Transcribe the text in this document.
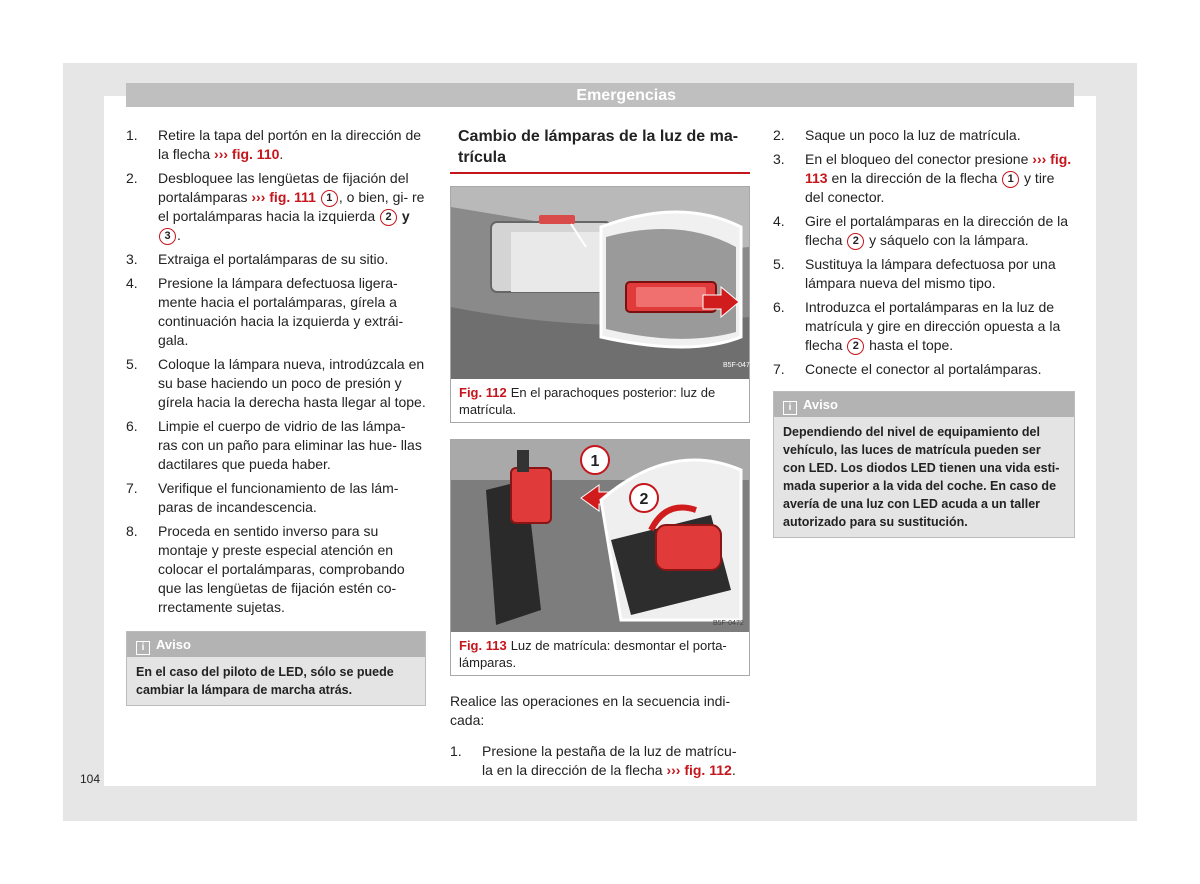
Emergencias
1. Retire la tapa del portón en la dirección de la flecha ››› fig. 110.
2. Desbloquee las lengüetas de fijación del portalámparas ››› fig. 111 1 , o bien, gi- re el portalámparas hacia la izquierda 2 y 3 .
3. Extraiga el portalámparas de su sitio.
4. Presione la lámpara defectuosa ligera- mente hacia el portalámparas, gírela a continuación hacia la izquierda y extrái- gala.
5. Coloque la lámpara nueva, introdúzcala en su base haciendo un poco de presión y gírela hacia la derecha hasta llegar al tope.
6. Limpie el cuerpo de vidrio de las lámpa- ras con un paño para eliminar las hue- llas dactilares que pueda haber.
7. Verifique el funcionamiento de las lám- paras de incandescencia.
8. Proceda en sentido inverso para su montaje y preste especial atención en colocar el portalámparas, comprobando que las lengüetas de fijación estén co- rrectamente sujetas.
i Aviso
En el caso del piloto de LED, sólo se puede cambiar la lámpara de marcha atrás.
Cambio de lámparas de la luz de ma- trícula
B5F-0471
Fig. 112 En el parachoques posterior: luz de matrícula.
1
2
B5F-0472
Fig. 113 Luz de matrícula: desmontar el porta- lámparas.

Realice las operaciones en la secuencia indi- cada:

1. Presione la pestaña de la luz de matrícu- la en la dirección de la flecha ››› fig. 112.
2. Saque un poco la luz de matrícula.
3. En el bloqueo del conector presione ››› fig. 113 en la dirección de la flecha 1 y tire del conector.
4. Gire el portalámparas en la dirección de la flecha 2 y sáquelo con la lámpara.
5. Sustituya la lámpara defectuosa por una lámpara nueva del mismo tipo.
6. Introduzca el portalámparas en la luz de matrícula y gire en dirección opuesta a la flecha 2 hasta el tope.
7. Conecte el conector al portalámparas.
i Aviso
Dependiendo del nivel de equipamiento del vehículo, las luces de matrícula pueden ser con LED. Los diodos LED tienen una vida esti- mada superior a la vida del coche. En caso de avería de una luz con LED acuda a un taller autorizado para su sustitución.
104
